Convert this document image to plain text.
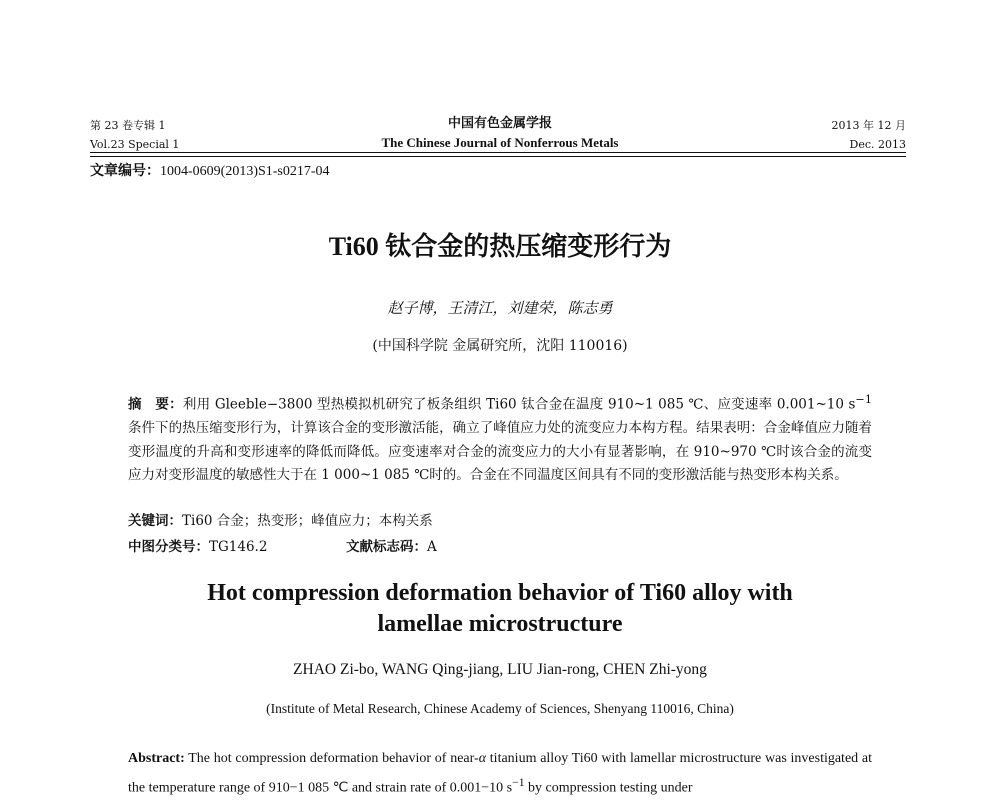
第 23 卷专辑 1
Vol.23 Special 1
中国有色金属学报
The Chinese Journal of Nonferrous Metals
2013 年 12 月
Dec. 2013
文章编号：1004-0609(2013)S1-s0217-04
Ti60 钛合金的热压缩变形行为
赵子博，王清江，刘建荣，陈志勇
(中国科学院 金属研究所，沈阳 110016)
摘　要：利用 Gleeble−3800 型热模拟机研究了板条组织 Ti60 钛合金在温度 910~1 085 ℃、应变速率 0.001~10 $s^{-1}$ 条件下的热压缩变形行为，计算该合金的变形激活能，确立了峰值应力处的流变应力本构方程。结果表明：合金峰值应力随着变形温度的升高和变形速率的降低而降低。应变速率对合金的流变应力的大小有显著影响，在 910~970 ℃时该合金的流变应力对变形温度的敏感性大于在 1 000~1 085 ℃时的。合金在不同温度区间具有不同的变形激活能与热变形本构关系。
关键词：Ti60 合金；热变形；峰值应力；本构关系
中图分类号：TG146.2	文献标志码：A
Hot compression deformation behavior of Ti60 alloy with
lamellae microstructure
ZHAO Zi-bo, WANG Qing-jiang, LIU Jian-rong, CHEN Zhi-yong
(Institute of Metal Research, Chinese Academy of Sciences, Shenyang 110016, China)
Abstract: The hot compression deformation behavior of near-α titanium alloy Ti60 with lamellar microstructure was investigated at the temperature range of 910−1 085 ℃ and strain rate of 0.001−10 $s^{-1}$ by compression testing under
